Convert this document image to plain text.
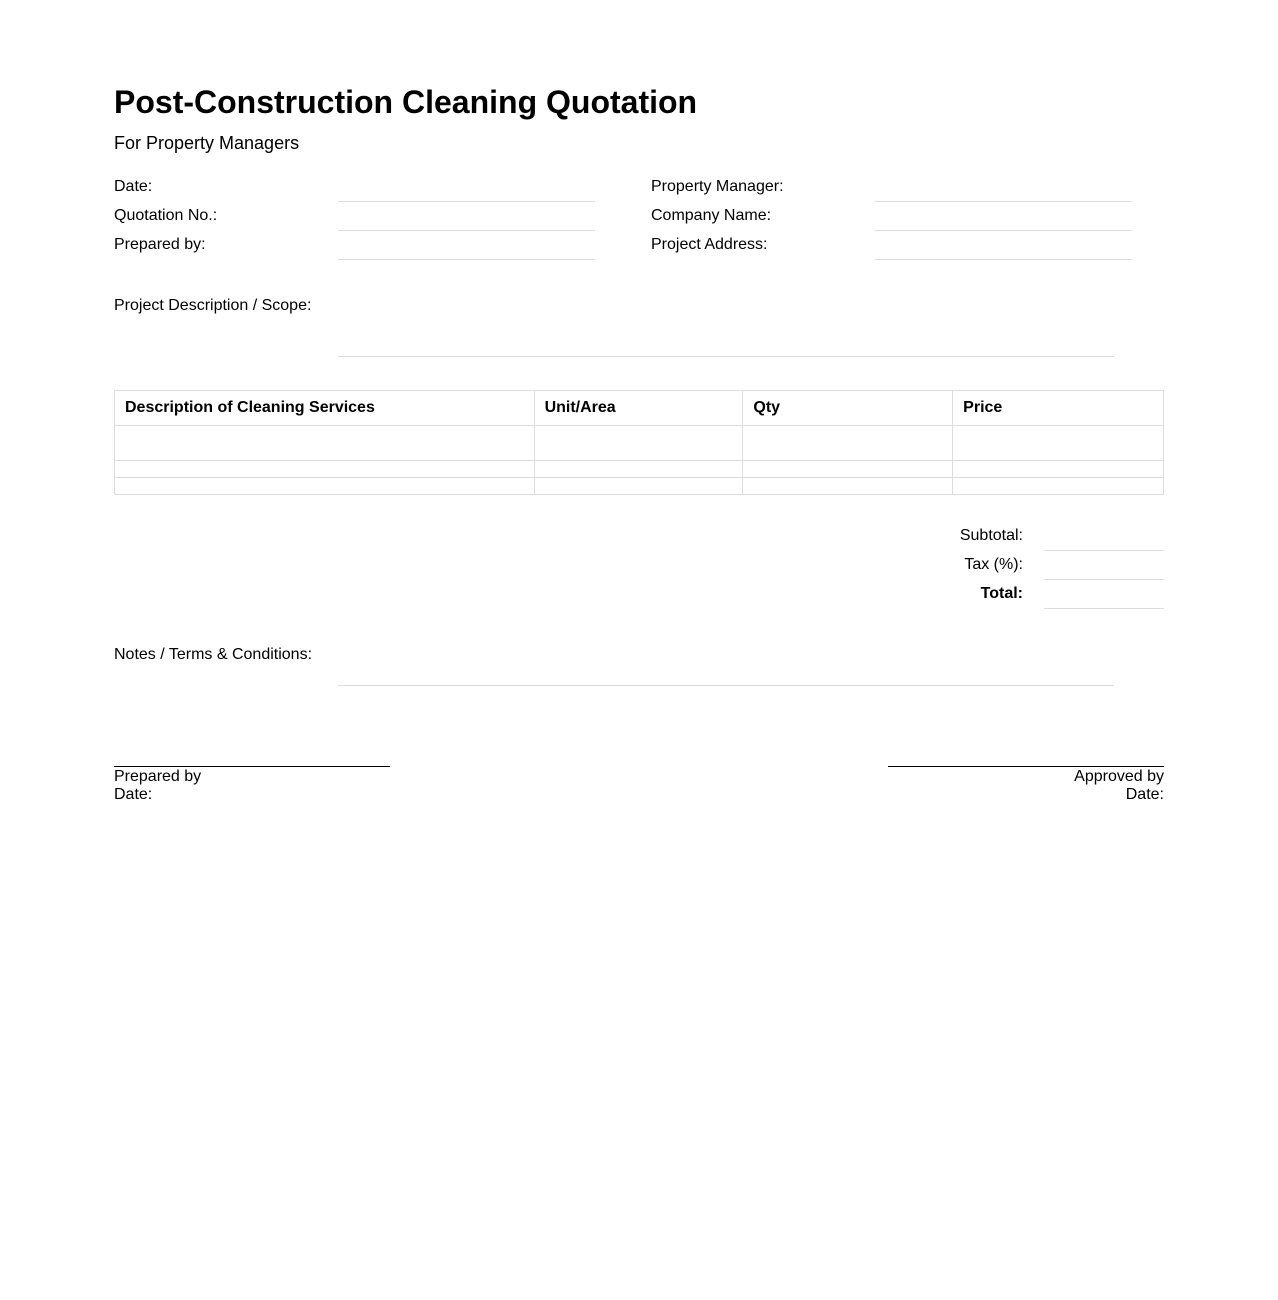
Post-Construction Cleaning Quotation
For Property Managers
Date:
Quotation No.:
Prepared by:
Property Manager:
Company Name:
Project Address:
Project Description / Scope:
Description of Cleaning Services	Unit/Area	Qty	Price

Subtotal:
Tax (%):
Total:
Notes / Terms & Conditions:
Prepared by
Date:
Approved by
Date:
